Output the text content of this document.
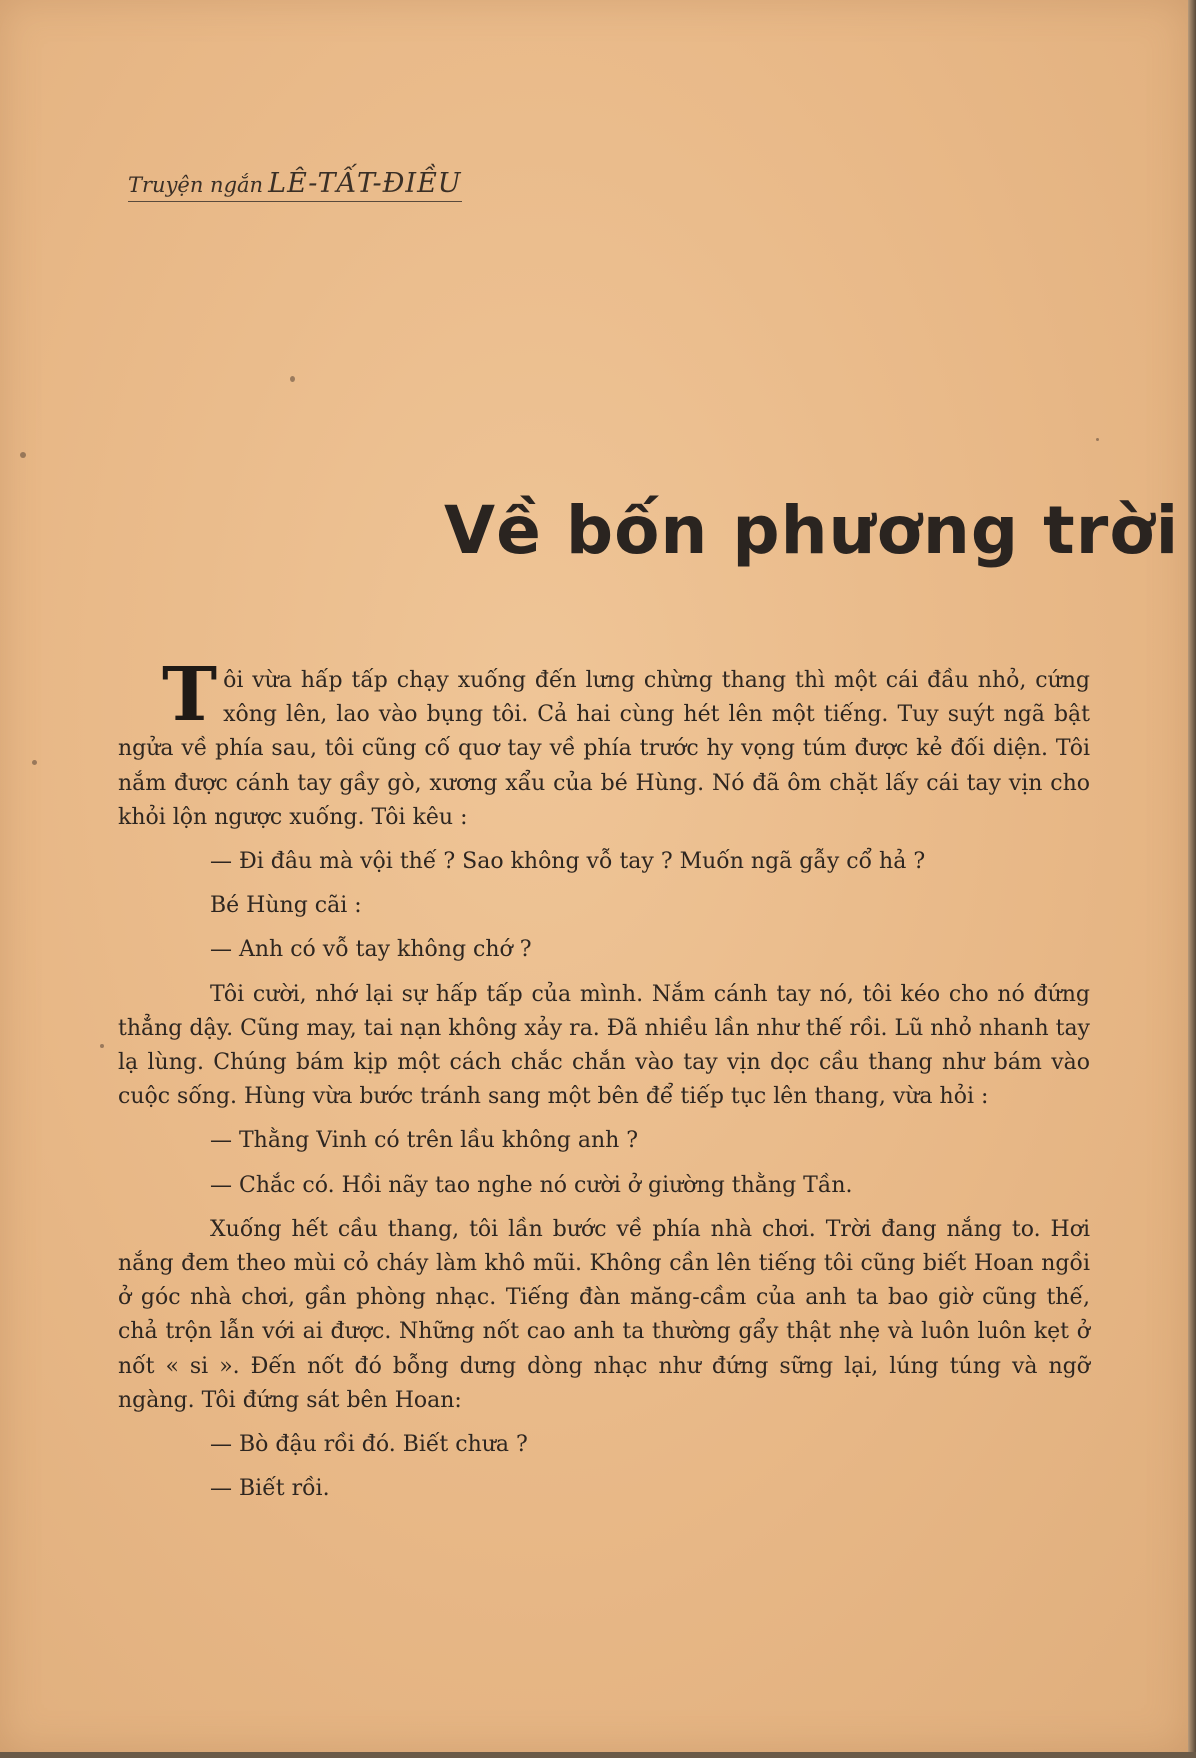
Truyện ngắn LÊ-TẤT-ĐIỀU
Về bốn phương trời

Tôi vừa hấp tấp chạy xuống đến lưng chừng thang thì một cái đầu nhỏ, cứng xông lên, lao vào bụng tôi. Cả hai cùng hét lên một tiếng. Tuy suýt ngã bật ngửa về phía sau, tôi cũng cố quơ tay về phía trước hy vọng túm được kẻ đối diện. Tôi nắm được cánh tay gầy gò, xương xẩu của bé Hùng. Nó đã ôm chặt lấy cái tay vịn cho khỏi lộn ngược xuống. Tôi kêu :

— Đi đâu mà vội thế ? Sao không vỗ tay ? Muốn ngã gẫy cổ hả ?

Bé Hùng cãi :

— Anh có vỗ tay không chớ ?

Tôi cười, nhớ lại sự hấp tấp của mình. Nắm cánh tay nó, tôi kéo cho nó đứng thẳng dậy. Cũng may, tai nạn không xảy ra. Đã nhiều lần như thế rồi. Lũ nhỏ nhanh tay lạ lùng. Chúng bám kịp một cách chắc chắn vào tay vịn dọc cầu thang như bám vào cuộc sống. Hùng vừa bước tránh sang một bên để tiếp tục lên thang, vừa hỏi :

— Thằng Vinh có trên lầu không anh ?

— Chắc có. Hồi nãy tao nghe nó cười ở giường thằng Tần.

Xuống hết cầu thang, tôi lần bước về phía nhà chơi. Trời đang nắng to. Hơi nắng đem theo mùi cỏ cháy làm khô mũi. Không cần lên tiếng tôi cũng biết Hoan ngồi ở góc nhà chơi, gần phòng nhạc. Tiếng đàn măng-cầm của anh ta bao giờ cũng thế, chả trộn lẫn với ai được. Những nốt cao anh ta thường gẩy thật nhẹ và luôn luôn kẹt ở nốt « si ». Đến nốt đó bỗng dưng dòng nhạc như đứng sững lại, lúng túng và ngỡ ngàng. Tôi đứng sát bên Hoan:

— Bò đậu rồi đó. Biết chưa ?

— Biết rồi.
